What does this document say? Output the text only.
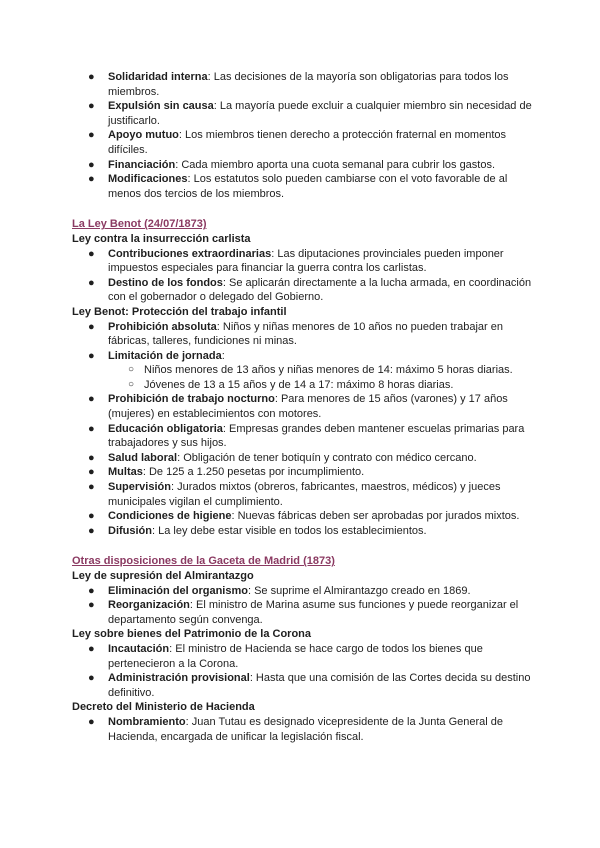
● Solidaridad interna: Las decisiones de la mayoría son obligatorias para todos los miembros.
● Expulsión sin causa: La mayoría puede excluir a cualquier miembro sin necesidad de justificarlo.
● Apoyo mutuo: Los miembros tienen derecho a protección fraternal en momentos difíciles.
● Financiación: Cada miembro aporta una cuota semanal para cubrir los gastos.
● Modificaciones: Los estatutos solo pueden cambiarse con el voto favorable de al menos dos tercios de los miembros.
La Ley Benot (24/07/1873)
Ley contra la insurrección carlista
● Contribuciones extraordinarias: Las diputaciones provinciales pueden imponer impuestos especiales para financiar la guerra contra los carlistas.
● Destino de los fondos: Se aplicarán directamente a la lucha armada, en coordinación con el gobernador o delegado del Gobierno.
Ley Benot: Protección del trabajo infantil
● Prohibición absoluta: Niños y niñas menores de 10 años no pueden trabajar en fábricas, talleres, fundiciones ni minas.
● Limitación de jornada:
○ Niños menores de 13 años y niñas menores de 14: máximo 5 horas diarias.
○ Jóvenes de 13 a 15 años y de 14 a 17: máximo 8 horas diarias.
● Prohibición de trabajo nocturno: Para menores de 15 años (varones) y 17 años (mujeres) en establecimientos con motores.
● Educación obligatoria: Empresas grandes deben mantener escuelas primarias para trabajadores y sus hijos.
● Salud laboral: Obligación de tener botiquín y contrato con médico cercano.
● Multas: De 125 a 1.250 pesetas por incumplimiento.
● Supervisión: Jurados mixtos (obreros, fabricantes, maestros, médicos) y jueces municipales vigilan el cumplimiento.
● Condiciones de higiene: Nuevas fábricas deben ser aprobadas por jurados mixtos.
● Difusión: La ley debe estar visible en todos los establecimientos.
Otras disposiciones de la Gaceta de Madrid (1873)
Ley de supresión del Almirantazgo
● Eliminación del organismo: Se suprime el Almirantazgo creado en 1869.
● Reorganización: El ministro de Marina asume sus funciones y puede reorganizar el departamento según convenga.
Ley sobre bienes del Patrimonio de la Corona
● Incautación: El ministro de Hacienda se hace cargo de todos los bienes que pertenecieron a la Corona.
● Administración provisional: Hasta que una comisión de las Cortes decida su destino definitivo.
Decreto del Ministerio de Hacienda
● Nombramiento: Juan Tutau es designado vicepresidente de la Junta General de Hacienda, encargada de unificar la legislación fiscal.
